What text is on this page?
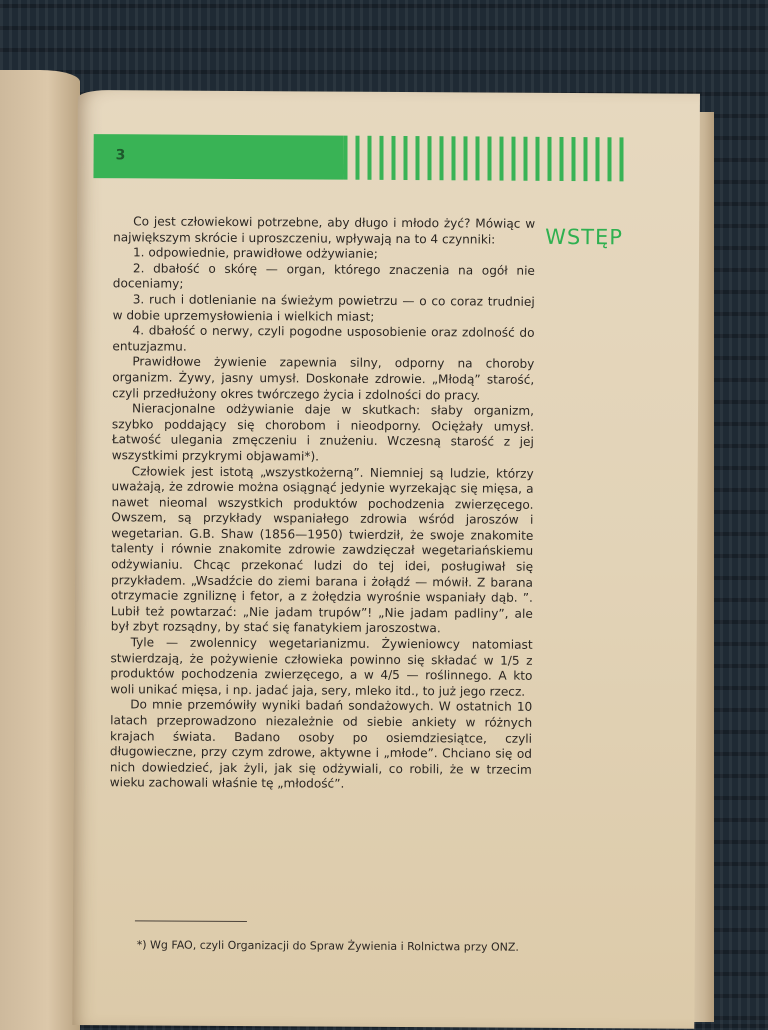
3
WSTĘP

Co jest człowiekowi potrzebne, aby długo i młodo żyć? Mówiąc w największym skrócie i uproszczeniu, wpływają na to 4 czynniki:

1. odpowiednie, prawidłowe odżywianie;

2. dbałość o skórę — organ, którego znaczenia na ogół nie doceniamy;

3. ruch i dotlenianie na świeżym powietrzu — o co coraz trudniej w dobie uprzemysłowienia i wielkich miast;

4. dbałość o nerwy, czyli pogodne usposobienie oraz zdolność do entuzjazmu.

Prawidłowe żywienie zapewnia silny, odporny na choroby organizm. Żywy, jasny umysł. Doskonałe zdrowie. „Młodą” starość, czyli przedłużony okres twórczego życia i zdolności do pracy.

Nieracjonalne odżywianie daje w skutkach: słaby organizm, szybko poddający się chorobom i nieodporny. Ociężały umysł. Łatwość ulegania zmęczeniu i znużeniu. Wczesną starość z jej wszystkimi przykrymi objawami*).

Człowiek jest istotą „wszystkożerną”. Niemniej są ludzie, którzy uważają, że zdrowie można osiągnąć jedynie wyrzekając się mięsa, a nawet nieomal wszystkich produktów pochodzenia zwierzęcego. Owszem, są przykłady wspaniałego zdrowia wśród jaroszów i wegetarian. G.B. Shaw (1856—1950) twierdził, że swoje znakomite talenty i równie znakomite zdrowie zawdzięczał wegetariańskiemu odżywianiu. Chcąc przekonać ludzi do tej idei, posługiwał się przykładem. „Wsadźcie do ziemi barana i żołądź — mówił. Z barana otrzymacie zgniliznę i fetor, a z żołędzia wyrośnie wspaniały dąb. ”. Lubił też powtarzać: „Nie jadam trupów”! „Nie jadam padliny”, ale był zbyt rozsądny, by stać się fanatykiem jaroszostwa.

Tyle — zwolennicy wegetarianizmu. Żywieniowcy natomiast stwierdzają, że pożywienie człowieka powinno się składać w 1/5 z produktów pochodzenia zwierzęcego, a w 4/5 — roślinnego. A kto woli unikać mięsa, i np. jadać jaja, sery, mleko itd., to już jego rzecz.

Do mnie przemówiły wyniki badań sondażowych. W ostatnich 10 latach przeprowadzono niezależnie od siebie ankiety w różnych krajach świata. Badano osoby po osiemdziesiątce, czyli długowieczne, przy czym zdrowe, aktywne i „młode”. Chciano się od nich dowiedzieć, jak żyli, jak się odżywiali, co robili, że w trzecim wieku zachowali właśnie tę „młodość”.

*) Wg FAO, czyli Organizacji do Spraw Żywienia i Rolnictwa przy ONZ.
